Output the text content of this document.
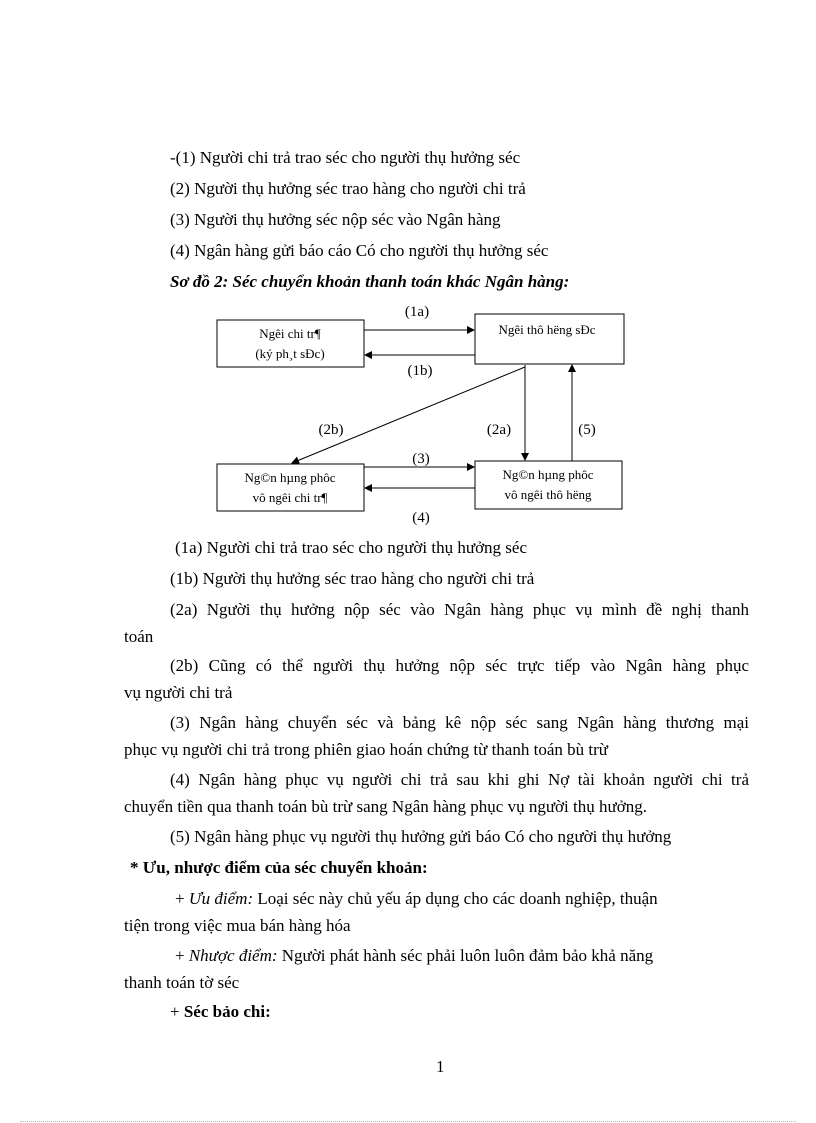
-(1) Người chi trả trao séc cho người thụ hưởng séc
(2) Người thụ hưởng séc trao hàng cho người chi trả
(3) Người thụ hưởng séc nộp séc vào Ngân hàng
(4) Ngân hàng gửi báo cáo Có cho người thụ hưởng séc
Sơ đồ 2: Séc chuyển khoản thanh toán khác Ngân hàng:
Ngêi chi tr¶
(ký ph¸t sÐc)
Ngêi thô hëng sÐc
Ng©n hµng phôc
vô ngêi chi tr¶
Ng©n hµng phôc
vô ngêi thô hëng
(1a)
(1b)
(2b)	(2a)	(5)
(3)
(4)
(1a) Người chi trả trao séc cho người thụ hưởng séc
(1b) Người thụ hưởng séc trao hàng cho người chi trả
(2a) Người thụ hưởng nộp séc vào Ngân hàng phục vụ mình đề nghị thanh
toán
(2b) Cũng có thể người thụ hưởng nộp séc trực tiếp vào Ngân hàng phục
vụ người chi trả
(3) Ngân hàng chuyển séc và bảng kê nộp séc sang Ngân hàng thương mại
phục vụ người chi trả trong phiên giao hoán chứng từ thanh toán bù trừ
(4) Ngân hàng phục vụ người chi trả sau khi ghi Nợ tài khoản người chi trả
chuyển tiền qua thanh toán bù trừ sang Ngân hàng phục vụ người thụ hưởng.
(5) Ngân hàng phục vụ người thụ hưởng gửi báo Có cho người thụ hưởng
* Ưu, nhược điểm của séc chuyển khoản:
+ Ưu điểm: Loại séc này chủ yếu áp dụng cho các doanh nghiệp, thuận
tiện trong việc mua bán hàng hóa
+ Nhược điểm: Người phát hành séc phải luôn luôn đảm bảo khả năng
thanh toán tờ séc
+ Séc bảo chi:
1
